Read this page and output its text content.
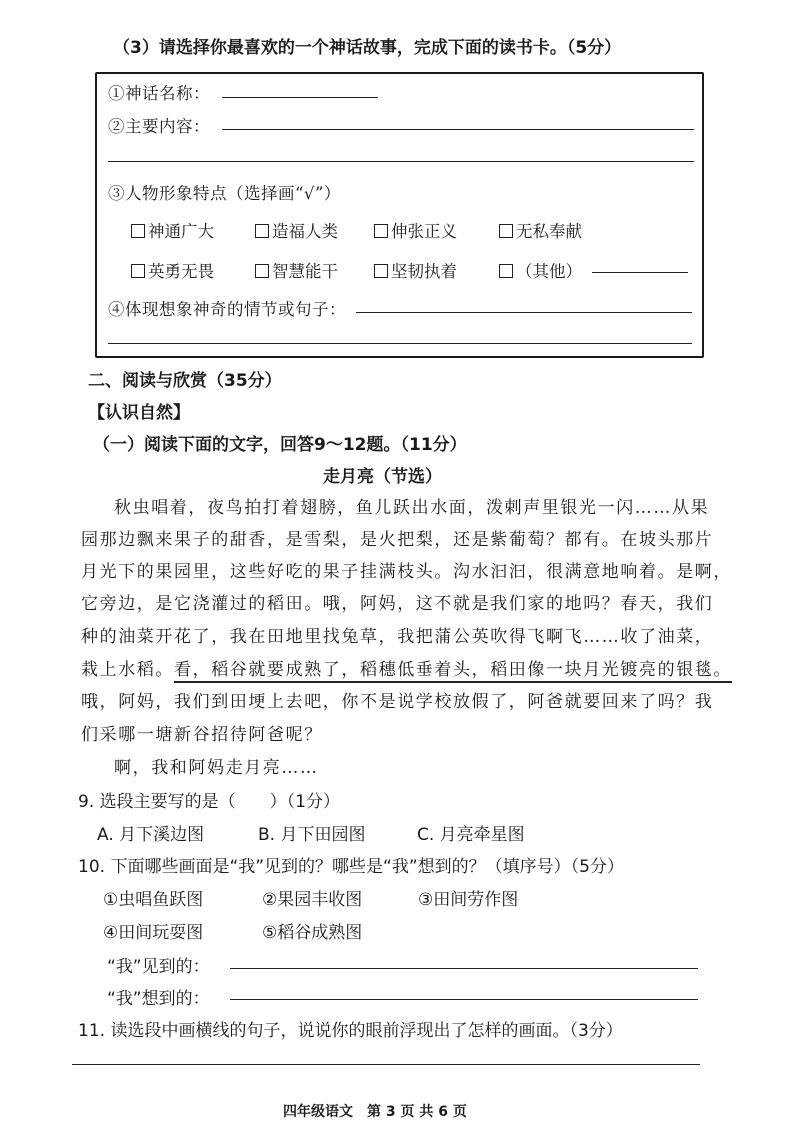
（3）请选择你最喜欢的一个神话故事，完成下面的读书卡。（5分）
①神话名称：
②主要内容：
③人物形象特点（选择画“√”）
神通广大	造福人类	伸张正义	无私奉献
英勇无畏	智慧能干	坚韧执着	（其他）
④体现想象神奇的情节或句子：
二、阅读与欣赏（35分）
【认识自然】
（一）阅读下面的文字，回答9～12题。（11分）
走月亮（节选）
秋虫唱着，夜鸟拍打着翅膀，鱼儿跃出水面，泼剌声里银光一闪……从果
园那边飘来果子的甜香，是雪梨，是火把梨，还是紫葡萄？都有。在坡头那片
月光下的果园里，这些好吃的果子挂满枝头。沟水汩汩，很满意地响着。是啊，
它旁边，是它浇灌过的稻田。哦，阿妈，这不就是我们家的地吗？春天，我们
种的油菜开花了，我在田地里找兔草，我把蒲公英吹得飞啊飞……收了油菜，
栽上水稻。看，稻谷就要成熟了，稻穗低垂着头，稻田像一块月光镀亮的银毯。
哦，阿妈，我们到田埂上去吧，你不是说学校放假了，阿爸就要回来了吗？我
们采哪一塘新谷招待阿爸呢？
啊，我和阿妈走月亮……
9. 选段主要写的是（　　）（1分）
A. 月下溪边图	B. 月下田园图	C. 月亮牵星图
10. 下面哪些画面是“我”见到的？哪些是“我”想到的？（填序号）（5分）
①虫唱鱼跃图	②果园丰收图	③田间劳作图
④田间玩耍图	⑤稻谷成熟图
“我”见到的：
“我”想到的：
11. 读选段中画横线的句子，说说你的眼前浮现出了怎样的画面。（3分）
四年级语文　第 3 页 共 6 页
